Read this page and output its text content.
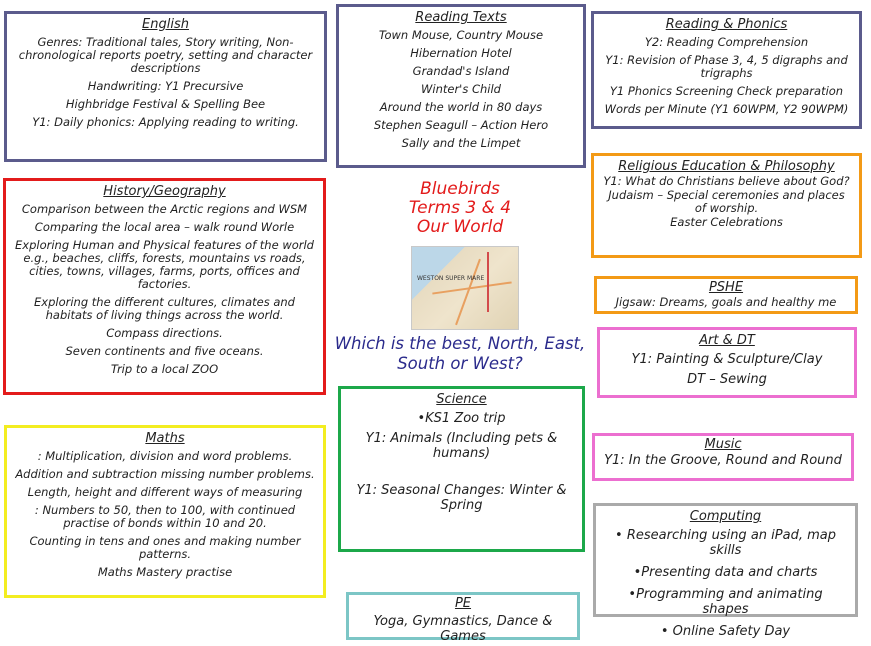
English

Genres: Traditional tales, Story writing, Non-chronological reports poetry, setting and character descriptions

Handwriting: Y1 Precursive

Highbridge Festival & Spelling Bee

Y1: Daily phonics: Applying reading to writing.

Reading Texts

Town Mouse, Country Mouse

Hibernation Hotel

Grandad's Island

Winter's Child

Around the world in 80 days

Stephen Seagull – Action Hero

Sally and the Limpet

Reading & Phonics

Y2: Reading Comprehension

Y1: Revision of Phase 3, 4, 5 digraphs and trigraphs

Y1 Phonics Screening Check preparation

Words per Minute (Y1 60WPM, Y2 90WPM)

History/Geography

Comparison between the Arctic regions and WSM

Comparing the local area – walk round Worle

Exploring Human and Physical features of the world e.g., beaches, cliffs, forests, mountains vs roads, cities, towns, villages, farms, ports, offices and factories.

Exploring the different cultures, climates and habitats of living things across the world.

Compass directions.

Seven continents and five oceans.

Trip to a local ZOO

Religious Education & Philosophy

Y1: What do Christians believe about God?

Judaism – Special ceremonies and places of worship.

Easter Celebrations

PSHE

Jigsaw: Dreams, goals and healthy me

Art & DT

Y1: Painting & Sculpture/Clay

DT – Sewing

Maths

: Multiplication, division and word problems.

Addition and subtraction missing number problems.

Length, height and different ways of measuring

: Numbers to 50, then to 100, with continued practise of bonds within 10 and 20.

Counting in tens and ones and making number patterns.

Maths Mastery practise

Science

•KS1 Zoo trip

Y1: Animals (Including pets & humans)

Y1: Seasonal Changes: Winter & Spring

Music

Y1: In the Groove, Round and Round

Computing

• Researching using an iPad, map skills

•Presenting data and charts

•Programming and animating shapes

• Online Safety Day

PE

Yoga, Gymnastics, Dance & Games

Bluebirds
Terms 3 & 4
Our World
WESTON SUPER MARE
Which is the best, North, East, South or West?
